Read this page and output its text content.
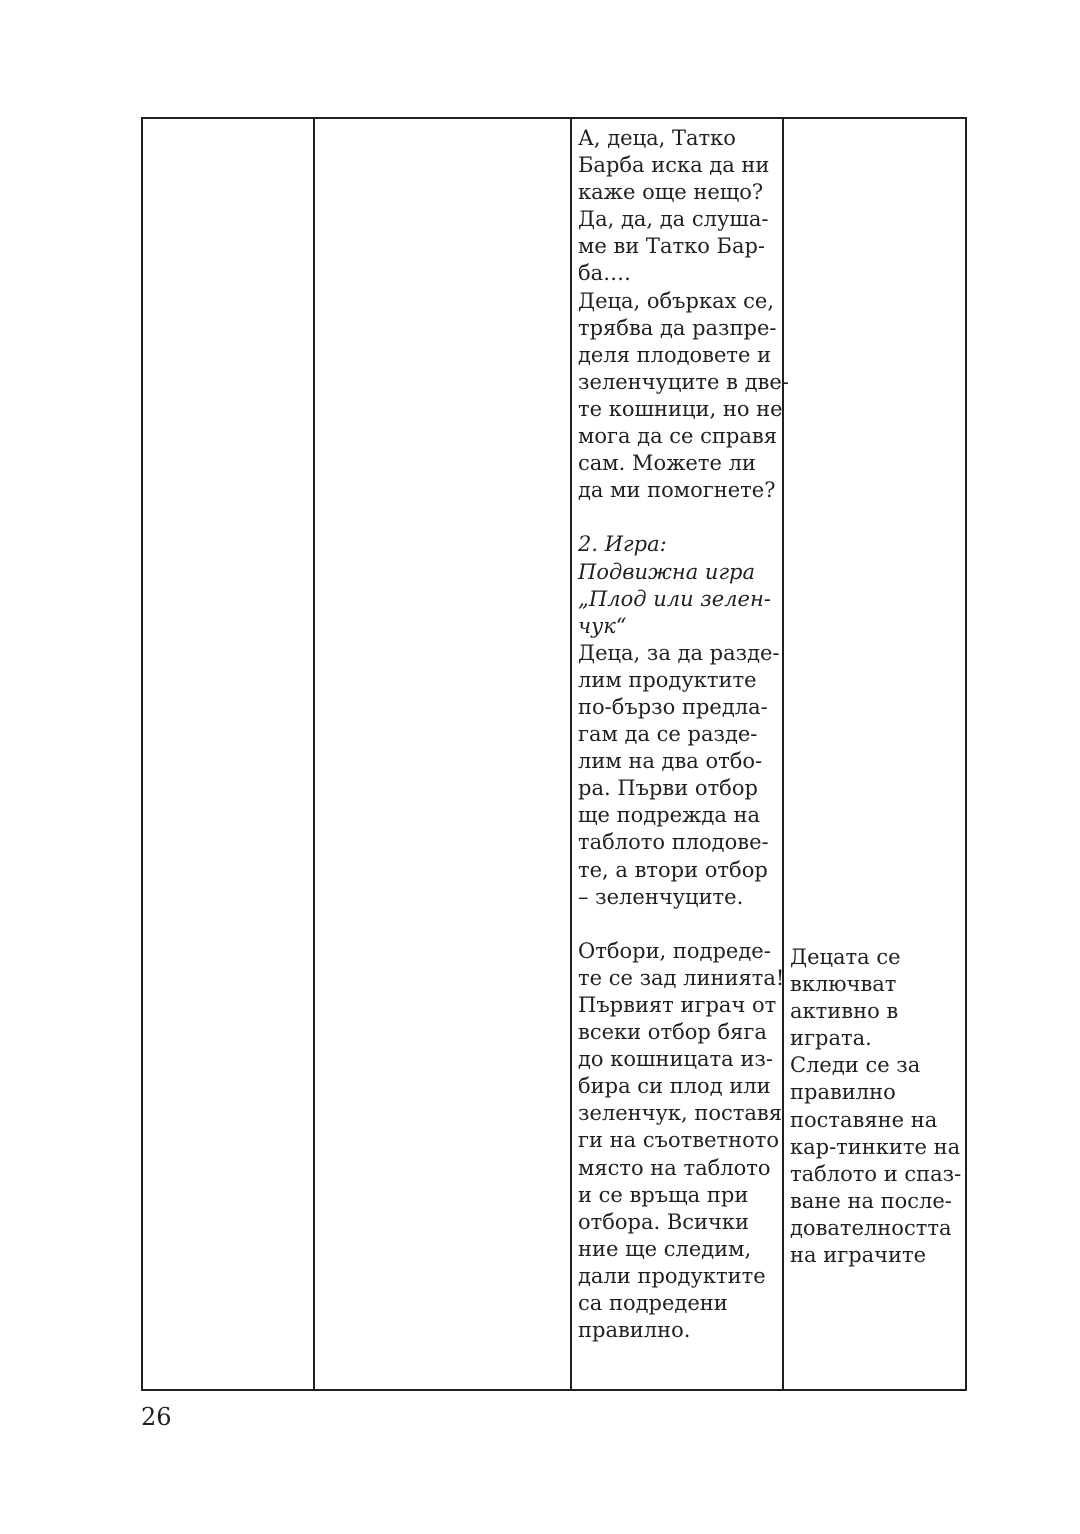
А, деца, Татко
Барба иска да ни
каже още нещо?
Да, да, да слуша-
ме ви Татко Бар-
ба….
Деца, обърках се,
трябва да разпре-
деля плодовете и
зеленчуците в две-
те кошници, но не
мога да се справя
сам. Можете ли
да ми помогнете?
2. Игра:
Подвижна игра
„Плод или зелен-
чук“
Деца, за да разде-
лим продуктите
по-бързо предла-
гам да се разде-
лим на два отбо-
ра. Първи отбор
ще подрежда на
таблото плодове-
те, а втори отбор
– зеленчуците.
Отбори, подреде-
те се зад линията!
Първият играч от
всеки отбор бяга
до кошницата из-
бира си плод или
зеленчук, поставя
ги на съответното
място на таблото
и се връща при
отбора. Всички
ние ще следим,
дали продуктите
са подредени
правилно.
Децата се
включват
активно в
играта.
Следи се за
правилно
поставяне на
кар-тинките на
таблото и спаз-
ване на после-
дователността
на играчите
26
